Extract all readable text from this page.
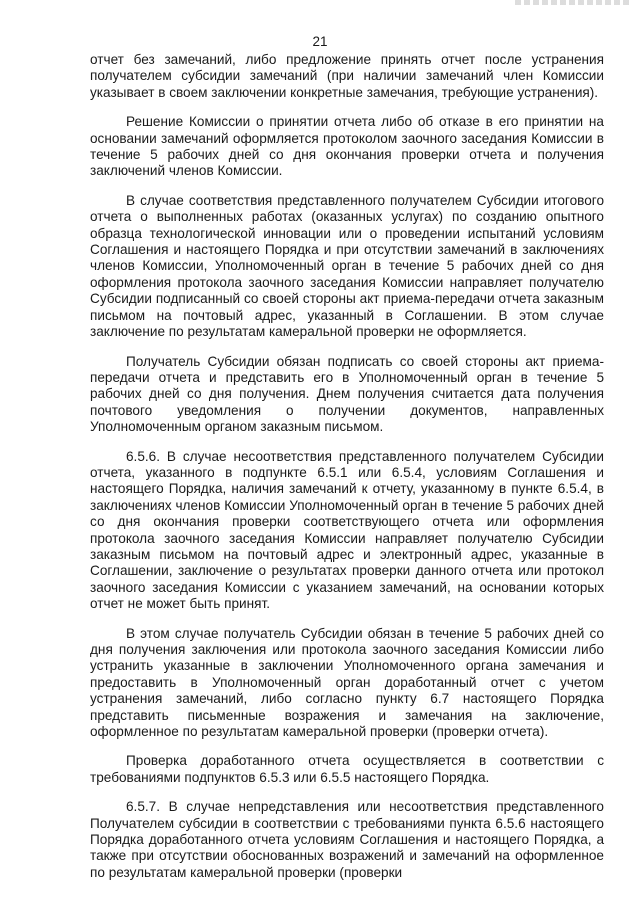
21

отчет без замечаний, либо предложение принять отчет после устранения получателем субсидии замечаний (при наличии замечаний член Комиссии указывает в своем заключении конкретные замечания, требующие устранения).

Решение Комиссии о принятии отчета либо об отказе в его принятии на основании замечаний оформляется протоколом заочного заседания Комиссии в течение 5 рабочих дней со дня окончания проверки отчета и получения заключений членов Комиссии.

В случае соответствия представленного получателем Субсидии итогового отчета о выполненных работах (оказанных услугах) по созданию опытного образца технологической инновации или о проведении испытаний условиям Соглашения и настоящего Порядка и при отсутствии замечаний в заключениях членов Комиссии, Уполномоченный орган в течение 5 рабочих дней со дня оформления протокола заочного заседания Комиссии направляет получателю Субсидии подписанный со своей стороны акт приема-передачи отчета заказным письмом на почтовый адрес, указанный в Соглашении. В этом случае заключение по результатам камеральной проверки не оформляется.

Получатель Субсидии обязан подписать со своей стороны акт приема-передачи отчета и представить его в Уполномоченный орган в течение 5 рабочих дней со дня получения. Днем получения считается дата получения почтового уведомления о получении документов, направленных Уполномоченным органом заказным письмом.

6.5.6. В случае несоответствия представленного получателем Субсидии отчета, указанного в подпункте 6.5.1 или 6.5.4, условиям Соглашения и настоящего Порядка, наличия замечаний к отчету, указанному в пункте 6.5.4, в заключениях членов Комиссии Уполномоченный орган в течение 5 рабочих дней со дня окончания проверки соответствующего отчета или оформления протокола заочного заседания Комиссии направляет получателю Субсидии заказным письмом на почтовый адрес и электронный адрес, указанные в Соглашении, заключение о результатах проверки данного отчета или протокол заочного заседания Комиссии с указанием замечаний, на основании которых отчет не может быть принят.

В этом случае получатель Субсидии обязан в течение 5 рабочих дней со дня получения заключения или протокола заочного заседания Комиссии либо устранить указанные в заключении Уполномоченного органа замечания и предоставить в Уполномоченный орган доработанный отчет с учетом устранения замечаний, либо согласно пункту 6.7 настоящего Порядка представить письменные возражения и замечания на заключение, оформленное по результатам камеральной проверки (проверки отчета).

Проверка доработанного отчета осуществляется в соответствии с требованиями подпунктов 6.5.3 или 6.5.5 настоящего Порядка.

6.5.7. В случае непредставления или несоответствия представленного Получателем субсидии в соответствии с требованиями пункта 6.5.6 настоящего Порядка доработанного отчета условиям Соглашения и настоящего Порядка, а также при отсутствии обоснованных возражений и замечаний на оформленное по результатам камеральной проверки (проверки
